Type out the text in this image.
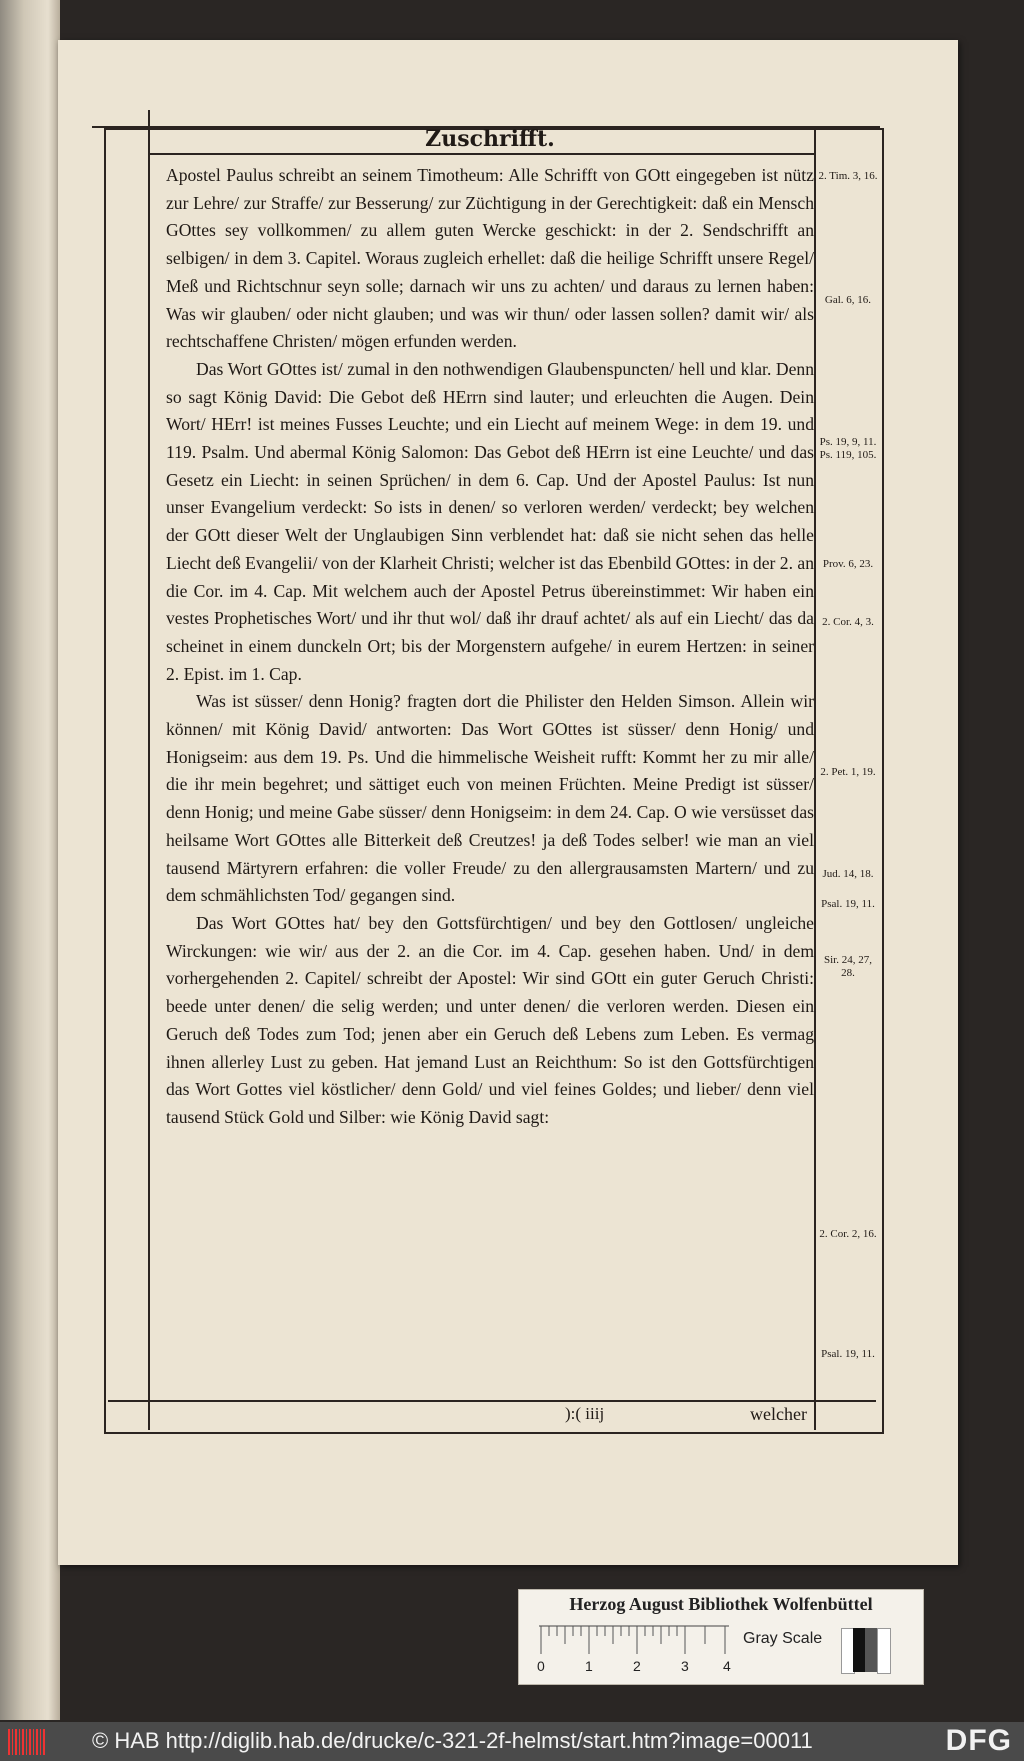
Zuschrifft.

Apostel Paulus schreibt an seinem Timotheum: Alle Schrifft von GOtt eingegeben ist nütz zur Lehre/ zur Straffe/ zur Besserung/ zur Züchtigung in der Gerechtigkeit: daß ein Mensch GOttes sey vollkommen/ zu allem guten Wercke geschickt: in der 2. Sendschrifft an selbigen/ in dem 3. Capitel. Woraus zugleich erhellet: daß die heilige Schrifft unsere Regel/ Meß und Richtschnur seyn solle; darnach wir uns zu achten/ und daraus zu lernen haben: Was wir glauben/ oder nicht glauben; und was wir thun/ oder lassen sollen? damit wir/ als rechtschaffene Christen/ mögen erfunden werden.

Das Wort GOttes ist/ zumal in den nothwendigen Glaubenspuncten/ hell und klar. Denn so sagt König David: Die Gebot deß HErrn sind lauter; und erleuchten die Augen. Dein Wort/ HErr! ist meines Fusses Leuchte; und ein Liecht auf meinem Wege: in dem 19. und 119. Psalm. Und abermal König Salomon: Das Gebot deß HErrn ist eine Leuchte/ und das Gesetz ein Liecht: in seinen Sprüchen/ in dem 6. Cap. Und der Apostel Paulus: Ist nun unser Evangelium verdeckt: So ists in denen/ so verloren werden/ verdeckt; bey welchen der GOtt dieser Welt der Unglaubigen Sinn verblendet hat: daß sie nicht sehen das helle Liecht deß Evangelii/ von der Klarheit Christi; welcher ist das Ebenbild GOttes: in der 2. an die Cor. im 4. Cap. Mit welchem auch der Apostel Petrus übereinstimmet: Wir haben ein vestes Prophetisches Wort/ und ihr thut wol/ daß ihr drauf achtet/ als auf ein Liecht/ das da scheinet in einem dunckeln Ort; bis der Morgenstern aufgehe/ in eurem Hertzen: in seiner 2. Epist. im 1. Cap.

Was ist süsser/ denn Honig? fragten dort die Philister den Helden Simson. Allein wir können/ mit König David/ antworten: Das Wort GOttes ist süsser/ denn Honig/ und Honigseim: aus dem 19. Ps. Und die himmelische Weisheit rufft: Kommt her zu mir alle/ die ihr mein begehret; und sättiget euch von meinen Früchten. Meine Predigt ist süsser/ denn Honig; und meine Gabe süsser/ denn Honigseim: in dem 24. Cap. O wie versüsset das heilsame Wort GOttes alle Bitterkeit deß Creutzes! ja deß Todes selber! wie man an viel tausend Märtyrern erfahren: die voller Freude/ zu den allergrausamsten Martern/ und zu dem schmählichsten Tod/ gegangen sind.

Das Wort GOttes hat/ bey den Gottsfürchtigen/ und bey den Gottlosen/ ungleiche Wirckungen: wie wir/ aus der 2. an die Cor. im 4. Cap. gesehen haben. Und/ in dem vorhergehenden 2. Capitel/ schreibt der Apostel: Wir sind GOtt ein guter Geruch Christi: beede unter denen/ die selig werden; und unter denen/ die verloren werden. Diesen ein Geruch deß Todes zum Tod; jenen aber ein Geruch deß Lebens zum Leben. Es vermag ihnen allerley Lust zu geben. Hat jemand Lust an Reichthum: So ist den Gottsfürchtigen das Wort Gottes viel köstlicher/ denn Gold/ und viel feines Goldes; und lieber/ denn viel tausend Stück Gold und Silber: wie König David sagt:

2. Tim. 3, 16.
Gal. 6, 16.
Ps. 19, 9, 11. Ps. 119, 105.
Prov. 6, 23.
2. Cor. 4, 3.
2. Pet. 1, 19.
Jud. 14, 18.
Psal. 19, 11.
Sir. 24, 27, 28.
2. Cor. 2, 16.
Psal. 19, 11.
):( iiij	welcher
Herzog August Bibliothek Wolfenbüttel
0	1	2	3 4
Gray Scale
© HAB http://diglib.hab.de/drucke/c-321-2f-helmst/start.htm?image=00011	DFG
